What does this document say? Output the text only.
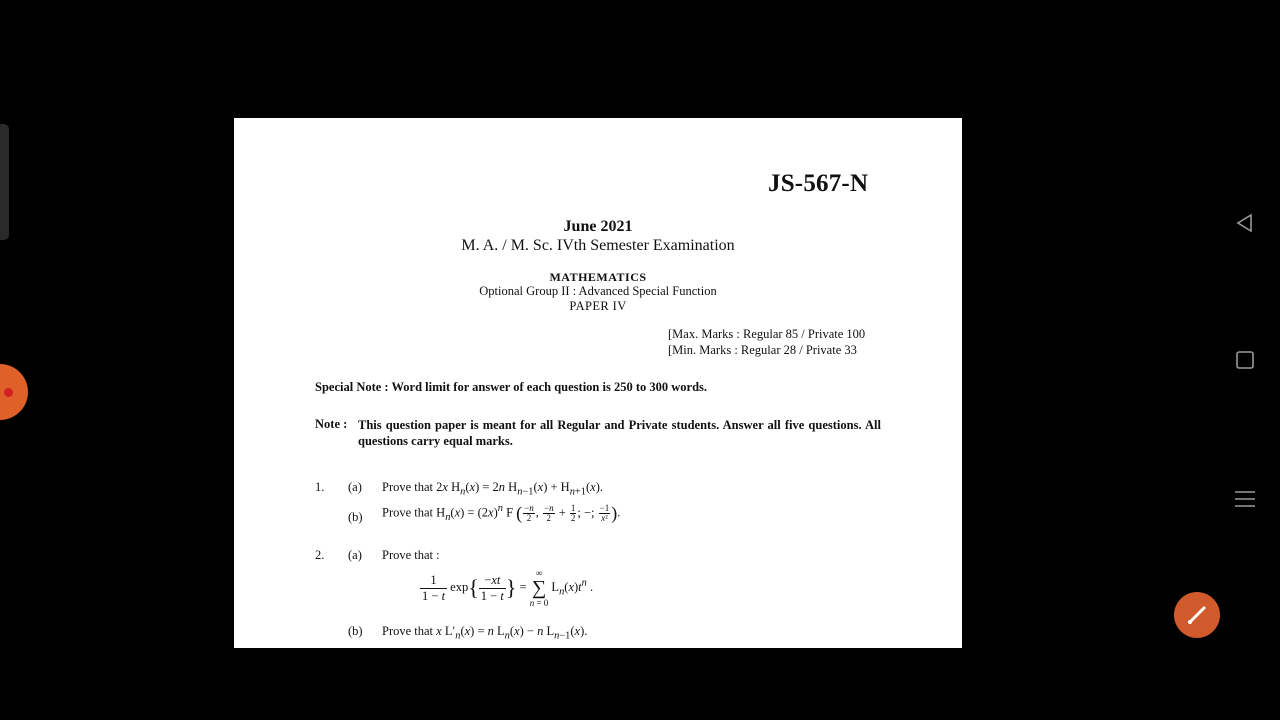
JS-567-N
June 2021
M. A. / M. Sc. IVth Semester Examination
MATHEMATICS
Optional Group II : Advanced Special Function
PAPER IV
[Max. Marks : Regular 85 / Private 100
[Min. Marks : Regular 28 / Private 33
Special Note : Word limit for answer of each question is 250 to 300 words.
Note : This question paper is meant for all Regular and Private students. Answer all five questions. All questions carry equal marks.
1. (a) Prove that 2x $H_n(x) = 2n$ $H_{n-1}(x) + H_{n+1}(x)$.
(b) Prove that $H_n(x) = (2x)^n$ F ( $\frac{-n}{2}$ , $\frac{-n}{2} + \frac{1}{2}$ ; −; $\frac{-1}{\text{x²}}$ ).
2. (a) Prove that :
$\frac{1}{1 - t} \exp\{ \frac{-xt}{1 - t}$ } =
∞
∑
n = 0
$L_n(x)t^n$ .
(b) Prove that x $L'_n(x) = n$ $L_n(x) - n$ $L_{n-1}(x)$.
